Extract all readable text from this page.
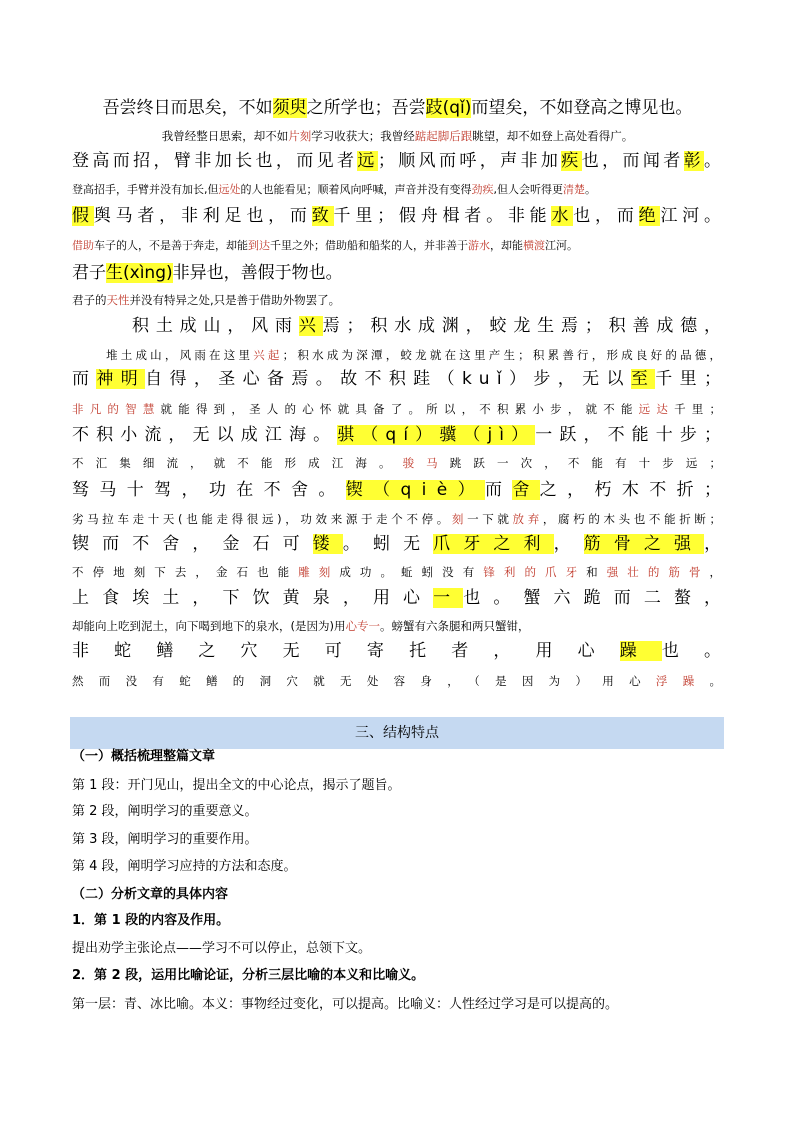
吾尝终日而思矣，不如须臾之所学也；吾尝跂(qǐ)而望矣，不如登高之博见也。
我曾经整日思索，却不如片刻学习收获大；我曾经踮起脚后跟眺望，却不如登上高处看得广。
登高而招，臂非加长也，而见者远；顺风而呼，声非加疾也，而闻者彰。
登高招手，手臂并没有加长,但远处的人也能看见；顺着风向呼喊，声音并没有变得劲疾,但人会听得更清楚。
假舆马者，非利足也，而致千里；假舟楫者。非能水也，而绝江河。
借助车子的人，不是善于奔走，却能到达千里之外；借助船和船桨的人，并非善于游水，却能横渡江河。
君子生(xìng)非异也，善假于物也。
君子的天性并没有特异之处,只是善于借助外物罢了。
积土成山，风雨兴焉；积水成渊，蛟龙生焉；积善成德，
堆土成山，风雨在这里兴起；积水成为深潭，蛟龙就在这里产生；积累善行，形成良好的品德，
而神明自得，圣心备焉。故不积跬（kuǐ）步，无以至千里；
非凡的智慧就能得到，圣人的心怀就具备了。所以，不积累小步，就不能远达千里；
不积小流，无以成江海。骐（qí）骥（jì）一跃，不能十步；
不汇集细流，就不能形成江海。骏马跳跃一次，不能有十步远；
驽马十驾，功在不舍。锲（qiè）而舍之，朽木不折；
劣马拉车走十天(也能走得很远)，功效来源于走个不停。刻一下就放弃，腐朽的木头也不能折断；
锲而不舍，金石可镂。蚓无爪牙之利，筋骨之强，
不停地刻下去，金石也能雕刻成功。蚯蚓没有锋利的爪牙和强壮的筋骨，
上食埃土，下饮黄泉，用心一也。蟹六跪而二螯，
却能向上吃到泥土，向下喝到地下的泉水，(是因为)用心专一。螃蟹有六条腿和两只蟹钳，
非蛇鳝之穴无可寄托者，用心躁也。
然而没有蛇鳝的洞穴就无处容身，（是因为）用心浮躁。
三、结构特点
（一）概括梳理整篇文章
第 1 段：开门见山，提出全文的中心论点，揭示了题旨。
第 2 段，阐明学习的重要意义。
第 3 段，阐明学习的重要作用。
第 4 段，阐明学习应持的方法和态度。
（二）分析文章的具体内容
1．第 1 段的内容及作用。
提出劝学主张论点——学习不可以停止，总领下文。
2．第 2 段，运用比喻论证，分析三层比喻的本义和比喻义。
第一层：青、冰比喻。本义：事物经过变化，可以提高。比喻义：人性经过学习是可以提高的。
